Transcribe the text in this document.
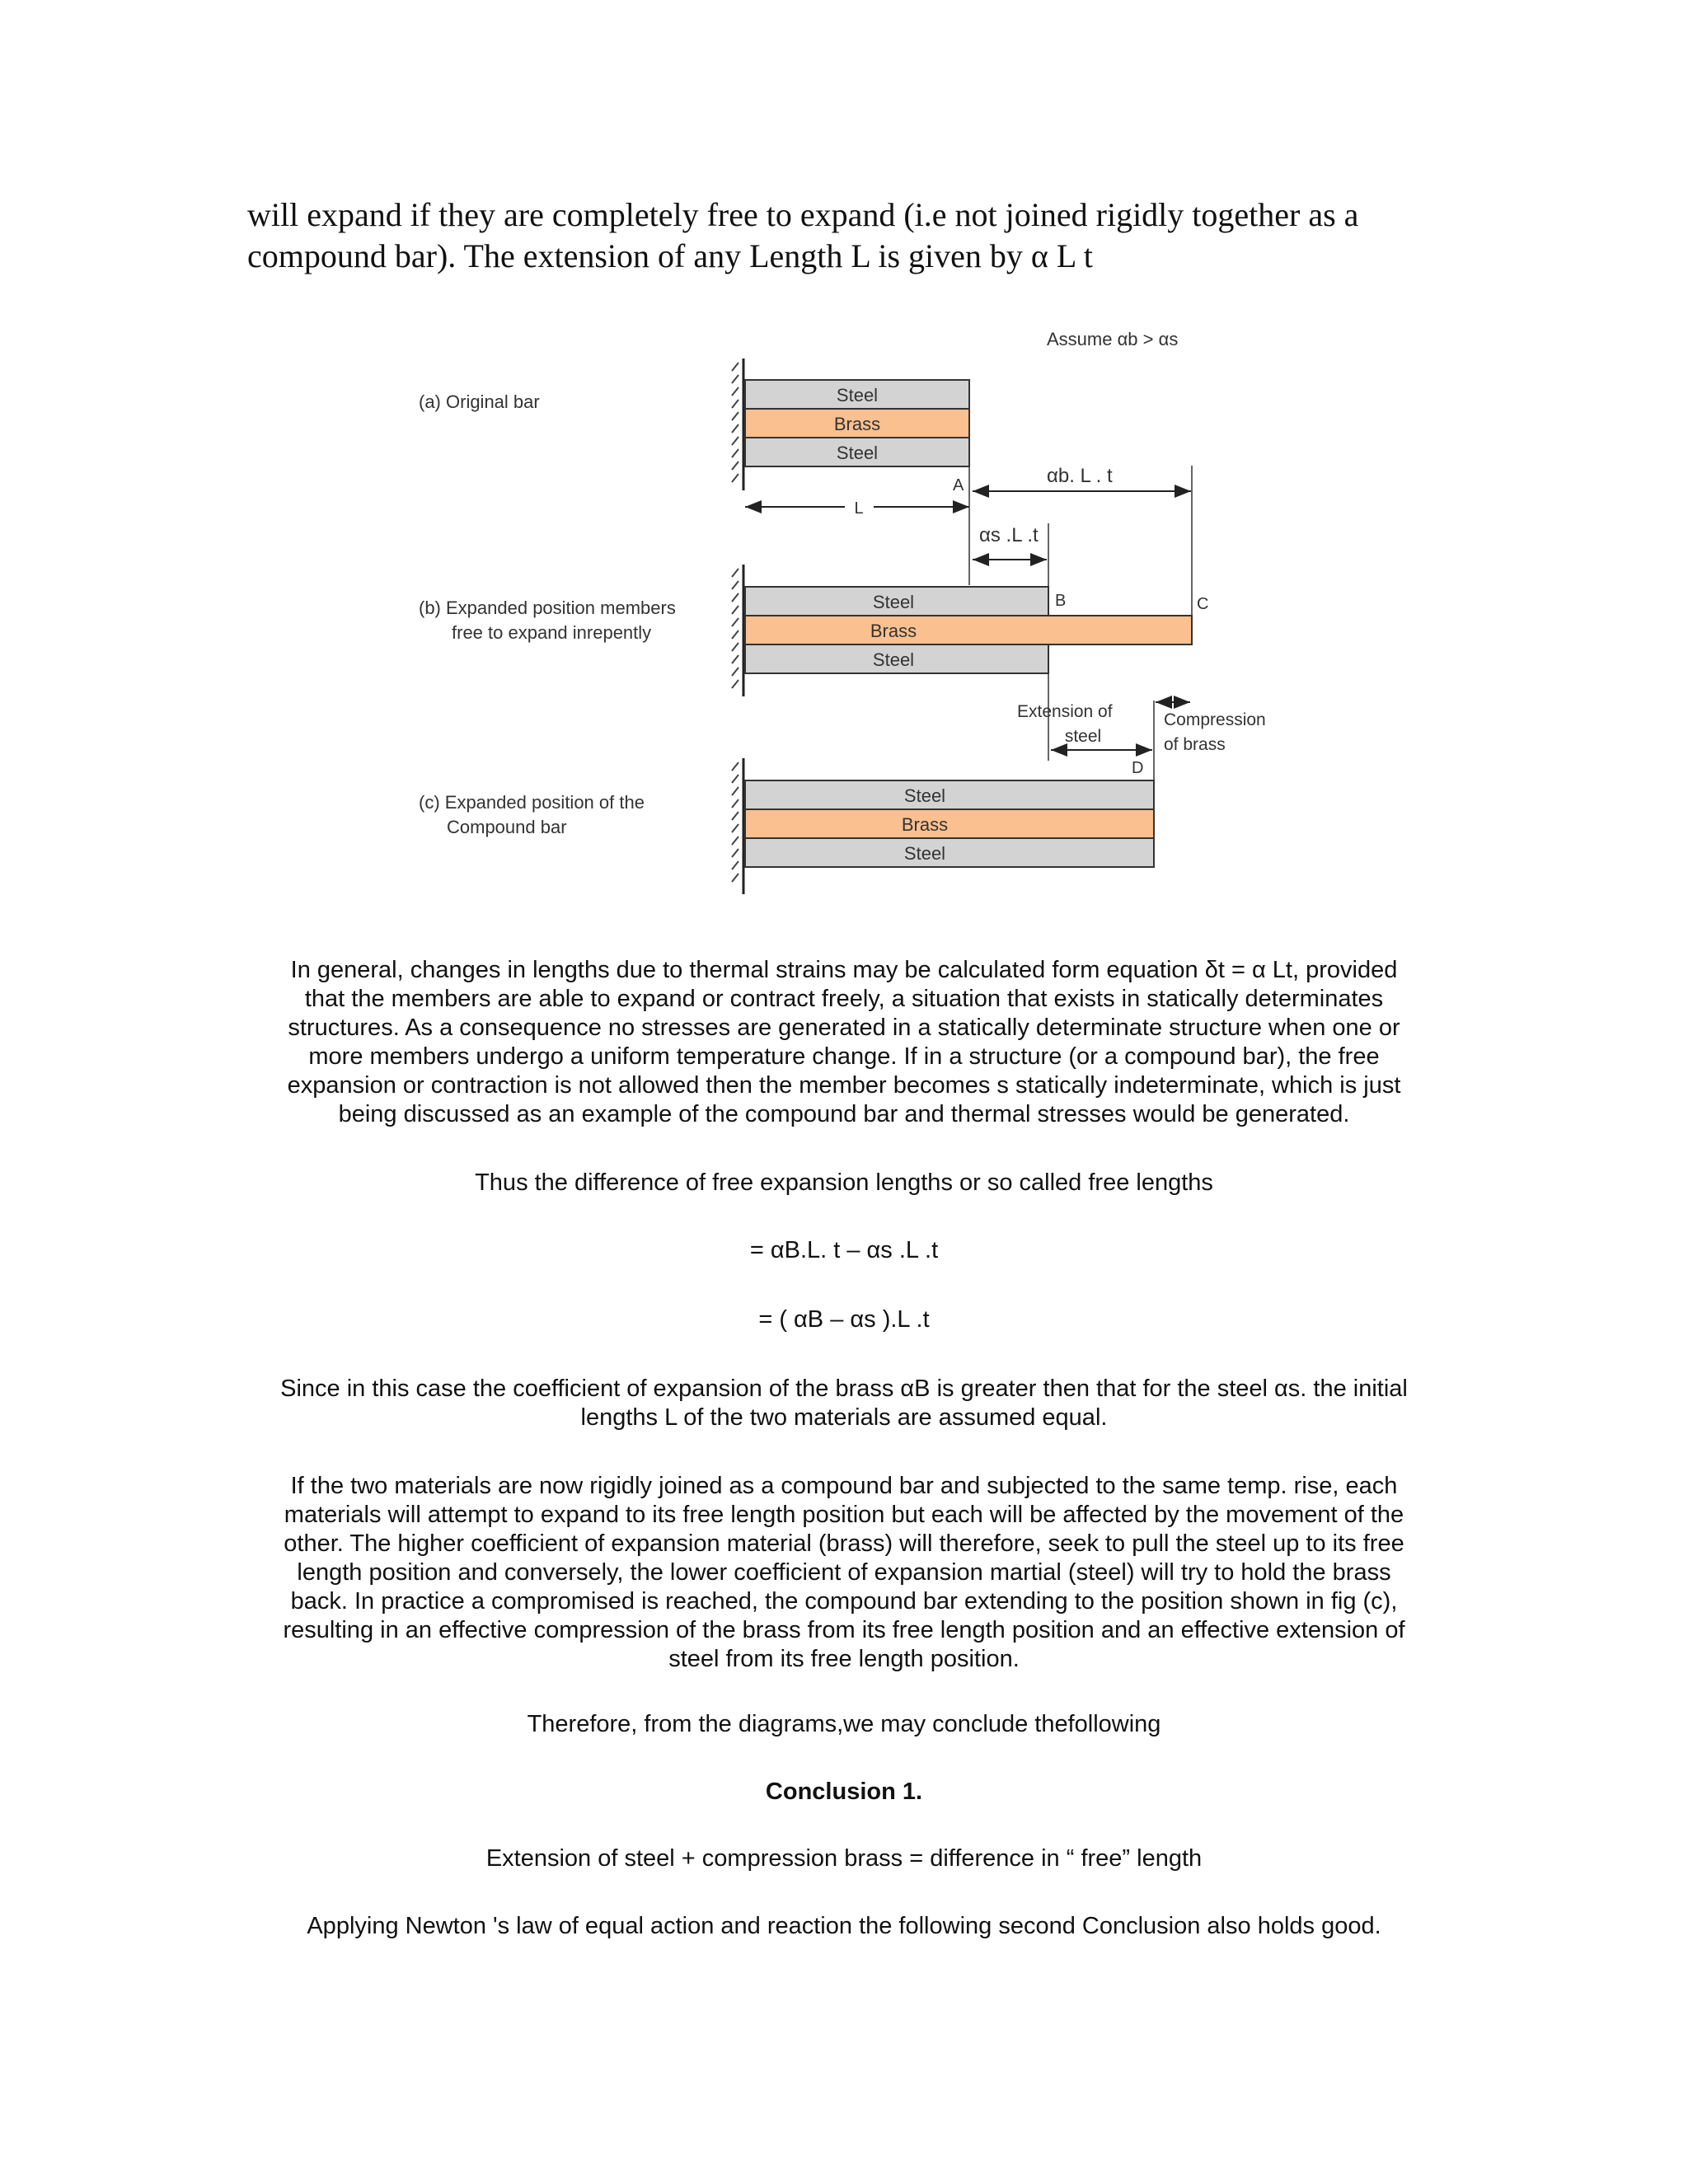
will expand if they are completely free to expand (i.e not joined rigidly together as a

compound bar). The extension of any Length L is given by α L t

Assume αb > αs
(a) Original bar
(b) Expanded position members
free to expand inrepently
(c) Expanded position of the
Compound bar
Steel
Brass
Steel
L
A	αb. L . t
αs .L .t
Steel
Brass
Steel
B	C
Extension of
steel
Compression
of brass
D
Steel
Brass
Steel

In general, changes in lengths due to thermal strains may be calculated form equation δt = α Lt, provided

that the members are able to expand or contract freely, a situation that exists in statically determinates

structures. As a consequence no stresses are generated in a statically determinate structure when one or

more members undergo a uniform temperature change. If in a structure (or a compound bar), the free

expansion or contraction is not allowed then the member becomes s statically indeterminate, which is just

being discussed as an example of the compound bar and thermal stresses would be generated.

Thus the difference of free expansion lengths or so called free lengths

= αB.L. t – αs .L .t

= ( αB – αs ).L .t

Since in this case the coefficient of expansion of the brass αB is greater then that for the steel αs. the initial

lengths L of the two materials are assumed equal.

If the two materials are now rigidly joined as a compound bar and subjected to the same temp. rise, each

materials will attempt to expand to its free length position but each will be affected by the movement of the

other. The higher coefficient of expansion material (brass) will therefore, seek to pull the steel up to its free

length position and conversely, the lower coefficient of expansion martial (steel) will try to hold the brass

back. In practice a compromised is reached, the compound bar extending to the position shown in fig (c),

resulting in an effective compression of the brass from its free length position and an effective extension of

steel from its free length position.

Therefore, from the diagrams,we may conclude thefollowing

Conclusion 1.

Extension of steel + compression brass = difference in “ free” length

Applying Newton 's law of equal action and reaction the following second Conclusion also holds good.
